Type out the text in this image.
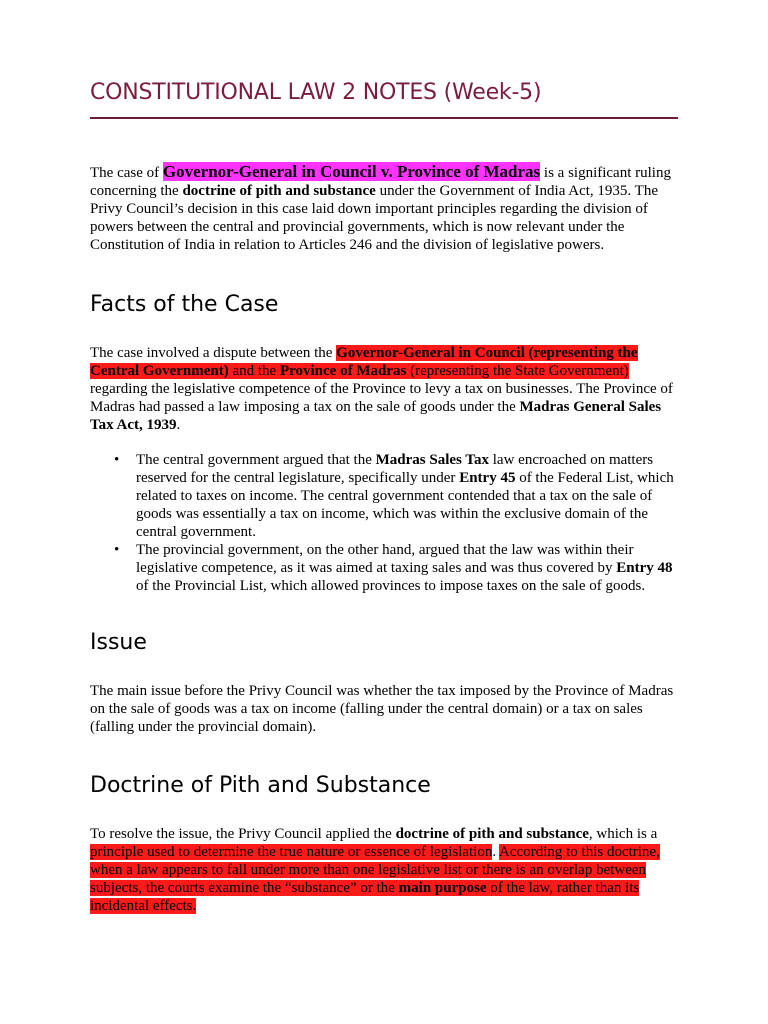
CONSTITUTIONAL LAW 2 NOTES (Week-5)

The case of Governor-General in Council v. Province of Madras is a significant ruling concerning the doctrine of pith and substance under the Government of India Act, 1935. The Privy Council’s decision in this case laid down important principles regarding the division of powers between the central and provincial governments, which is now relevant under the Constitution of India in relation to Articles 246 and the division of legislative powers.

Facts of the Case

The case involved a dispute between the Governor-General in Council (representing the Central Government) and the Province of Madras (representing the State Government) regarding the legislative competence of the Province to levy a tax on businesses. The Province of Madras had passed a law imposing a tax on the sale of goods under the Madras General Sales Tax Act, 1939.

• The central government argued that the Madras Sales Tax law encroached on matters reserved for the central legislature, specifically under Entry 45 of the Federal List, which related to taxes on income. The central government contended that a tax on the sale of goods was essentially a tax on income, which was within the exclusive domain of the central government.
• The provincial government, on the other hand, argued that the law was within their legislative competence, as it was aimed at taxing sales and was thus covered by Entry 48 of the Provincial List, which allowed provinces to impose taxes on the sale of goods.
Issue

The main issue before the Privy Council was whether the tax imposed by the Province of Madras on the sale of goods was a tax on income (falling under the central domain) or a tax on sales (falling under the provincial domain).

Doctrine of Pith and Substance

To resolve the issue, the Privy Council applied the doctrine of pith and substance, which is a principle used to determine the true nature or essence of legislation. According to this doctrine, when a law appears to fall under more than one legislative list or there is an overlap between subjects, the courts examine the “substance” or the main purpose of the law, rather than its incidental effects.
